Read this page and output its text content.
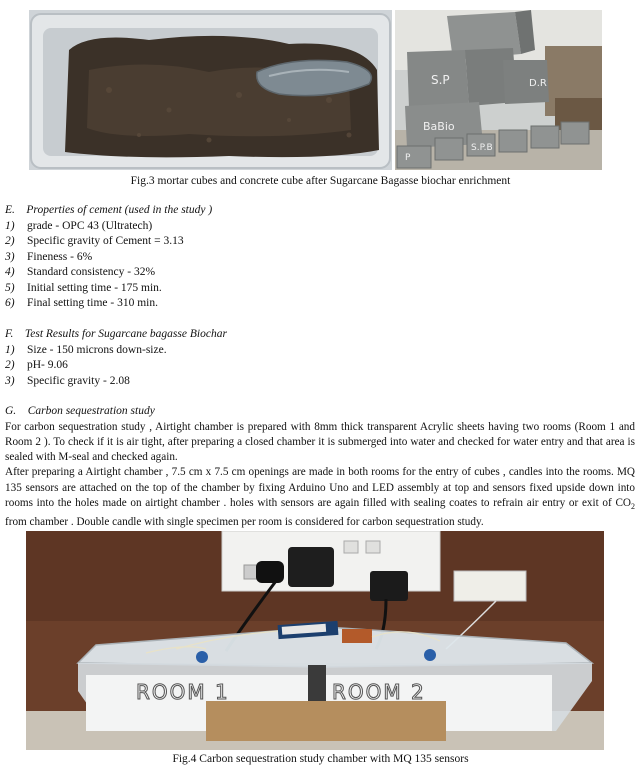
S.P	D.R
BaBio
S.P.B
P
Fig.3 mortar cubes and concrete cube after Sugarcane Bagasse biochar enrichment
E. Properties of cement (used in the study )
1) grade - OPC 43 (Ultratech)
2) Specific gravity of Cement = 3.13
3) Fineness - 6%
4) Standard consistency - 32%
5) Initial setting time - 175 min.
6) Final setting time - 310 min.
F. Test Results for Sugarcane bagasse Biochar
1) Size - 150 microns down-size.
2) pH- 9.06
3) Specific gravity - 2.08
G. Carbon sequestration study

For carbon sequestration study , Airtight chamber is prepared with 8mm thick transparent Acrylic sheets having two rooms (Room 1 and Room 2 ). To check if it is air tight, after preparing a closed chamber it is submerged into water and checked for water entry and that area is sealed with M-seal and checked again.

After preparing a Airtight chamber , 7.5 cm x 7.5 cm openings are made in both rooms for the entry of cubes , candles into the rooms. MQ 135 sensors are attached on the top of the chamber by fixing Arduino Uno and LED assembly at top and sensors fixed upside down into rooms into the holes made on airtight chamber . holes with sensors are again filled with sealing coates to refrain air entry or exit of $CO_2$ from chamber . Double candle with single specimen per room is considered for carbon sequestration study.

ROOM 1	ROOM 2
Fig.4 Carbon sequestration study chamber with MQ 135 sensors
